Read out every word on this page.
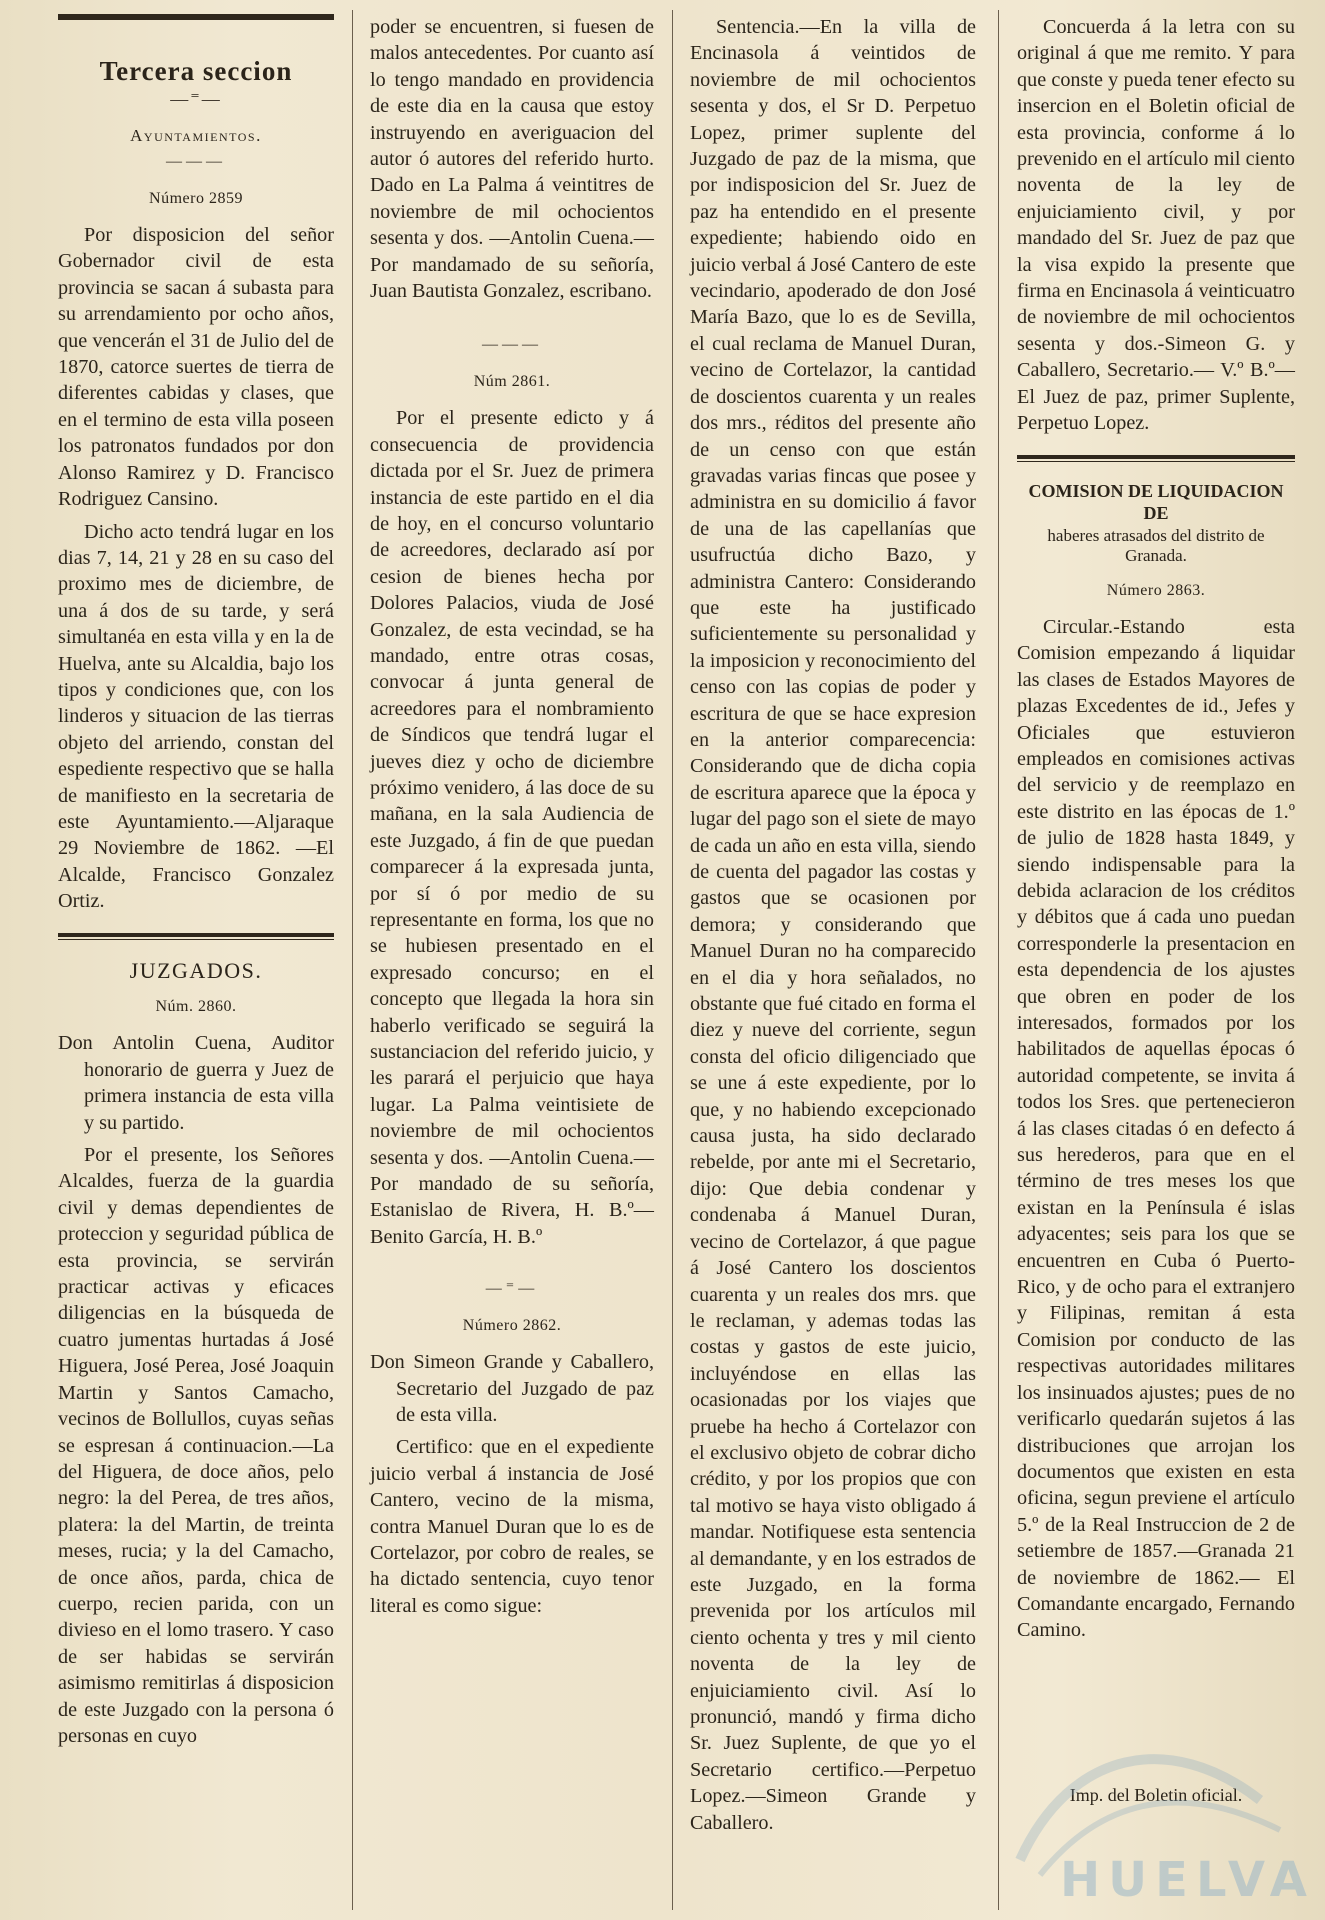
Tercera seccion
—⁼—
Ayuntamientos.
———
Número 2859

Por disposicion del señor Gobernador civil de esta provincia se sacan á subasta para su arrendamiento por ocho años, que vencerán el 31 de Julio del de 1870, catorce suertes de tierra de diferentes cabidas y clases, que en el termino de esta villa poseen los patronatos fundados por don Alonso Ramirez y D. Francisco Rodriguez Cansino.

Dicho acto tendrá lugar en los dias 7, 14, 21 y 28 en su caso del proximo mes de diciembre, de una á dos de su tarde, y será simultanéa en esta villa y en la de Huelva, ante su Alcaldia, bajo los tipos y condiciones que, con los linderos y situacion de las tierras objeto del arriendo, constan del espediente respectivo que se halla de manifiesto en la secretaria de este Ayuntamiento.—Aljaraque 29 Noviembre de 1862. —El Alcalde, Francisco Gonzalez Ortiz.

JUZGADOS.
Núm. 2860.

Don Antolin Cuena, Auditor honorario de guerra y Juez de primera instancia de esta villa y su partido.

Por el presente, los Señores Alcaldes, fuerza de la guardia civil y demas dependientes de proteccion y seguridad pública de esta provincia, se servirán practicar activas y eficaces diligencias en la búsqueda de cuatro jumentas hurtadas á José Higuera, José Perea, José Joaquin Martin y Santos Camacho, vecinos de Bollullos, cuyas señas se espresan á continuacion.—La del Higuera, de doce años, pelo negro: la del Perea, de tres años, platera: la del Martin, de treinta meses, rucia; y la del Camacho, de once años, parda, chica de cuerpo, recien parida, con un divieso en el lomo trasero. Y caso de ser habidas se servirán asimismo remitirlas á disposicion de este Juzgado con la persona ó personas en cuyo

poder se encuentren, si fuesen de malos antecedentes. Por cuanto así lo tengo mandado en providencia de este dia en la causa que estoy instruyendo en averiguacion del autor ó autores del referido hurto. Dado en La Palma á veintitres de noviembre de mil ochocientos sesenta y dos. —Antolin Cuena.—Por mandamado de su señoría, Juan Bautista Gonzalez, escribano.

———
Núm 2861.

Por el presente edicto y á consecuencia de providencia dictada por el Sr. Juez de primera instancia de este partido en el dia de hoy, en el concurso voluntario de acreedores, declarado así por cesion de bienes hecha por Dolores Palacios, viuda de José Gonzalez, de esta vecindad, se ha mandado, entre otras cosas, convocar á junta general de acreedores para el nombramiento de Síndicos que tendrá lugar el jueves diez y ocho de diciembre próximo venidero, á las doce de su mañana, en la sala Audiencia de este Juzgado, á fin de que puedan comparecer á la expresada junta, por sí ó por medio de su representante en forma, los que no se hubiesen presentado en el expresado concurso; en el concepto que llegada la hora sin haberlo verificado se seguirá la sustanciacion del referido juicio, y les parará el perjuicio que haya lugar. La Palma veintisiete de noviembre de mil ochocientos sesenta y dos. —Antolin Cuena.—Por mandado de su señoría, Estanislao de Rivera, H. B.º—Benito García, H. B.º

—⁼—
Número 2862.

Don Simeon Grande y Caballero, Secretario del Juzgado de paz de esta villa.

Certifico: que en el expediente juicio verbal á instancia de José Cantero, vecino de la misma, contra Manuel Duran que lo es de Cortelazor, por cobro de reales, se ha dictado sentencia, cuyo tenor literal es como sigue:

Sentencia.—En la villa de Encinasola á veintidos de noviembre de mil ochocientos sesenta y dos, el Sr D. Perpetuo Lopez, primer suplente del Juzgado de paz de la misma, que por indisposicion del Sr. Juez de paz ha entendido en el presente expediente; habiendo oido en juicio verbal á José Cantero de este vecindario, apoderado de don José María Bazo, que lo es de Sevilla, el cual reclama de Manuel Duran, vecino de Cortelazor, la cantidad de doscientos cuarenta y un reales dos mrs., réditos del presente año de un censo con que están gravadas varias fincas que posee y administra en su domicilio á favor de una de las capellanías que usufructúa dicho Bazo, y administra Cantero: Considerando que este ha justificado suficientemente su personalidad y la imposicion y reconocimiento del censo con las copias de poder y escritura de que se hace expresion en la anterior comparecencia: Considerando que de dicha copia de escritura aparece que la época y lugar del pago son el siete de mayo de cada un año en esta villa, siendo de cuenta del pagador las costas y gastos que se ocasionen por demora; y considerando que Manuel Duran no ha comparecido en el dia y hora señalados, no obstante que fué citado en forma el diez y nueve del corriente, segun consta del oficio diligenciado que se une á este expediente, por lo que, y no habiendo excepcionado causa justa, ha sido declarado rebelde, por ante mi el Secretario, dijo: Que debia condenar y condenaba á Manuel Duran, vecino de Cortelazor, á que pague á José Cantero los doscientos cuarenta y un reales dos mrs. que le reclaman, y ademas todas las costas y gastos de este juicio, incluyéndose en ellas las ocasionadas por los viajes que pruebe ha hecho á Cortelazor con el exclusivo objeto de cobrar dicho crédito, y por los propios que con tal motivo se haya visto obligado á mandar. Notifiquese esta sentencia al demandante, y en los estrados de este Juzgado, en la forma prevenida por los artículos mil ciento ochenta y tres y mil ciento noventa de la ley de enjuiciamiento civil. Así lo pronunció, mandó y firma dicho Sr. Juez Suplente, de que yo el Secretario certifico.—Perpetuo Lopez.—Simeon Grande y Caballero.

Concuerda á la letra con su original á que me remito. Y para que conste y pueda tener efecto su insercion en el Boletin oficial de esta provincia, conforme á lo prevenido en el artículo mil ciento noventa de la ley de enjuiciamiento civil, y por mandado del Sr. Juez de paz que la visa expido la presente que firma en Encinasola á veinticuatro de noviembre de mil ochocientos sesenta y dos.-Simeon G. y Caballero, Secretario.— V.º B.º—El Juez de paz, primer Suplente, Perpetuo Lopez.

COMISION DE LIQUIDACION DE
haberes atrasados del distrito de Granada.
Número 2863.

Circular.-Estando esta Comision empezando á liquidar las clases de Estados Mayores de plazas Excedentes de id., Jefes y Oficiales que estuvieron empleados en comisiones activas del servicio y de reemplazo en este distrito en las épocas de 1.º de julio de 1828 hasta 1849, y siendo indispensable para la debida aclaracion de los créditos y débitos que á cada uno puedan corresponderle la presentacion en esta dependencia de los ajustes que obren en poder de los interesados, formados por los habilitados de aquellas épocas ó autoridad competente, se invita á todos los Sres. que pertenecieron á las clases citadas ó en defecto á sus herederos, para que en el término de tres meses los que existan en la Península é islas adyacentes; seis para los que se encuentren en Cuba ó Puerto-Rico, y de ocho para el extranjero y Filipinas, remitan á esta Comision por conducto de las respectivas autoridades militares los insinuados ajustes; pues de no verificarlo quedarán sujetos á las distribuciones que arrojan los documentos que existen en esta oficina, segun previene el artículo 5.º de la Real Instruccion de 2 de setiembre de 1857.—Granada 21 de noviembre de 1862.— El Comandante encargado, Fernando Camino.

Imp. del Boletin oficial.
HUELVA
